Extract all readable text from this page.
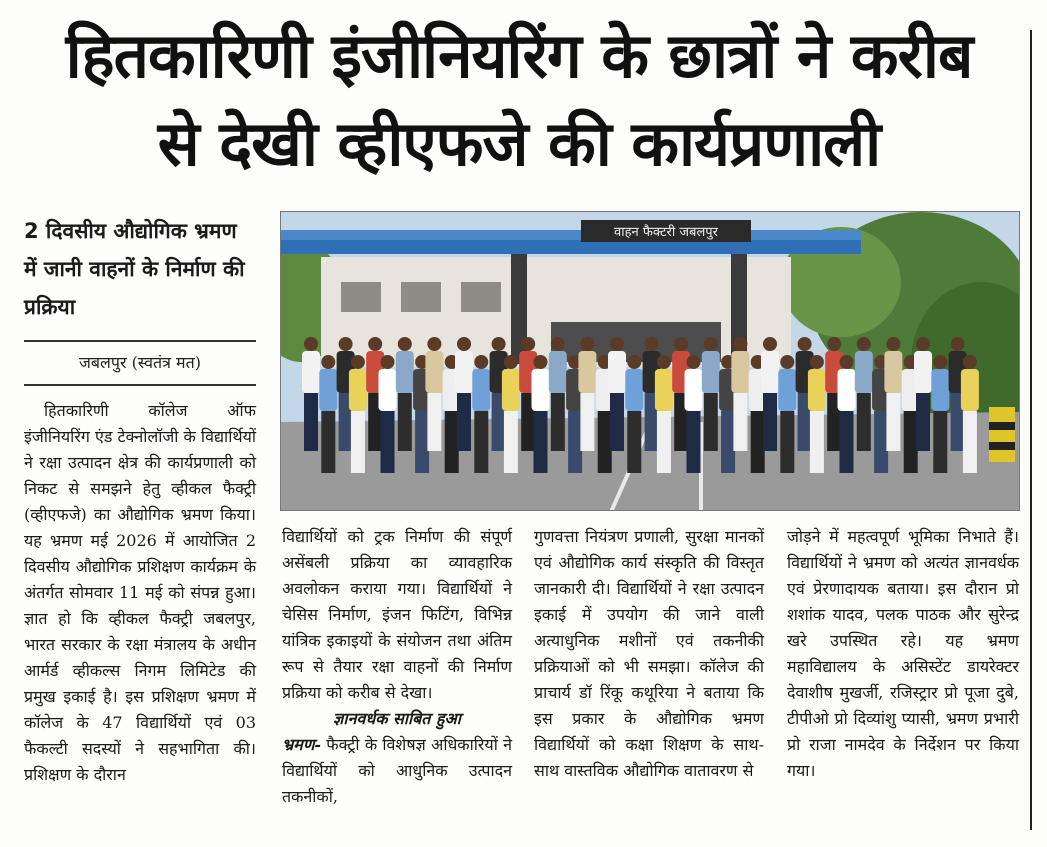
हितकारिणी इंजीनियरिंग के छात्रों ने करीब
से देखी व्हीएफजे की कार्यप्रणाली
2 दिवसीय औद्योगिक भ्रमण में जानी वाहनों के निर्माण की प्रक्रिया
जबलपुर (स्वतंत्र मत)
वाहन फैक्टरी जबलपुर
हितकारिणी कॉलेज ऑफ इंजीनियरिंग एंड टेक्नोलॉजी के विद्यार्थियों ने रक्षा उत्पादन क्षेत्र की कार्यप्रणाली को निकट से समझने हेतु व्हीकल फैक्ट्री (व्हीएफजे) का औद्योगिक भ्रमण किया। यह भ्रमण मई 2026 में आयोजित 2 दिवसीय औद्योगिक प्रशिक्षण कार्यक्रम के अंतर्गत सोमवार 11 मई को संपन्न हुआ। ज्ञात हो कि व्हीकल फैक्ट्री जबलपुर, भारत सरकार के रक्षा मंत्रालय के अधीन आर्मर्ड व्हीकल्स निगम लिमिटेड की प्रमुख इकाई है। इस प्रशिक्षण भ्रमण में कॉलेज के 47 विद्यार्थियों एवं 03 फैकल्टी सदस्यों ने सहभागिता की। प्रशिक्षण के दौरान
विद्यार्थियों को ट्रक निर्माण की संपूर्ण असेंबली प्रक्रिया का व्यावहारिक अवलोकन कराया गया। विद्यार्थियों ने चेसिस निर्माण, इंजन फिटिंग, विभिन्न यांत्रिक इकाइयों के संयोजन तथा अंतिम रूप से तैयार रक्षा वाहनों की निर्माण प्रक्रिया को करीब से देखा।
ज्ञानवर्धक साबित हुआ
भ्रमण- फैक्ट्री के विशेषज्ञ अधिकारियों ने विद्यार्थियों को आधुनिक उत्पादन तकनीकों,
गुणवत्ता नियंत्रण प्रणाली, सुरक्षा मानकों एवं औद्योगिक कार्य संस्कृति की विस्तृत जानकारी दी। विद्यार्थियों ने रक्षा उत्पादन इकाई में उपयोग की जाने वाली अत्याधुनिक मशीनों एवं तकनीकी प्रक्रियाओं को भी समझा। कॉलेज की प्राचार्य डॉ रिंकू कथूरिया ने बताया कि इस प्रकार के औद्योगिक भ्रमण विद्यार्थियों को कक्षा शिक्षण के साथ-साथ वास्तविक औद्योगिक वातावरण से
जोड़ने में महत्वपूर्ण भूमिका निभाते हैं। विद्यार्थियों ने भ्रमण को अत्यंत ज्ञानवर्धक एवं प्रेरणादायक बताया। इस दौरान प्रो शशांक यादव, पलक पाठक और सुरेन्द्र खरे उपस्थित रहे। यह भ्रमण महाविद्यालय के असिस्टेंट डायरेक्टर देवाशीष मुखर्जी, रजिस्ट्रार प्रो पूजा दुबे, टीपीओ प्रो दिव्यांशु प्यासी, भ्रमण प्रभारी प्रो राजा नामदेव के निर्देशन पर किया गया।
